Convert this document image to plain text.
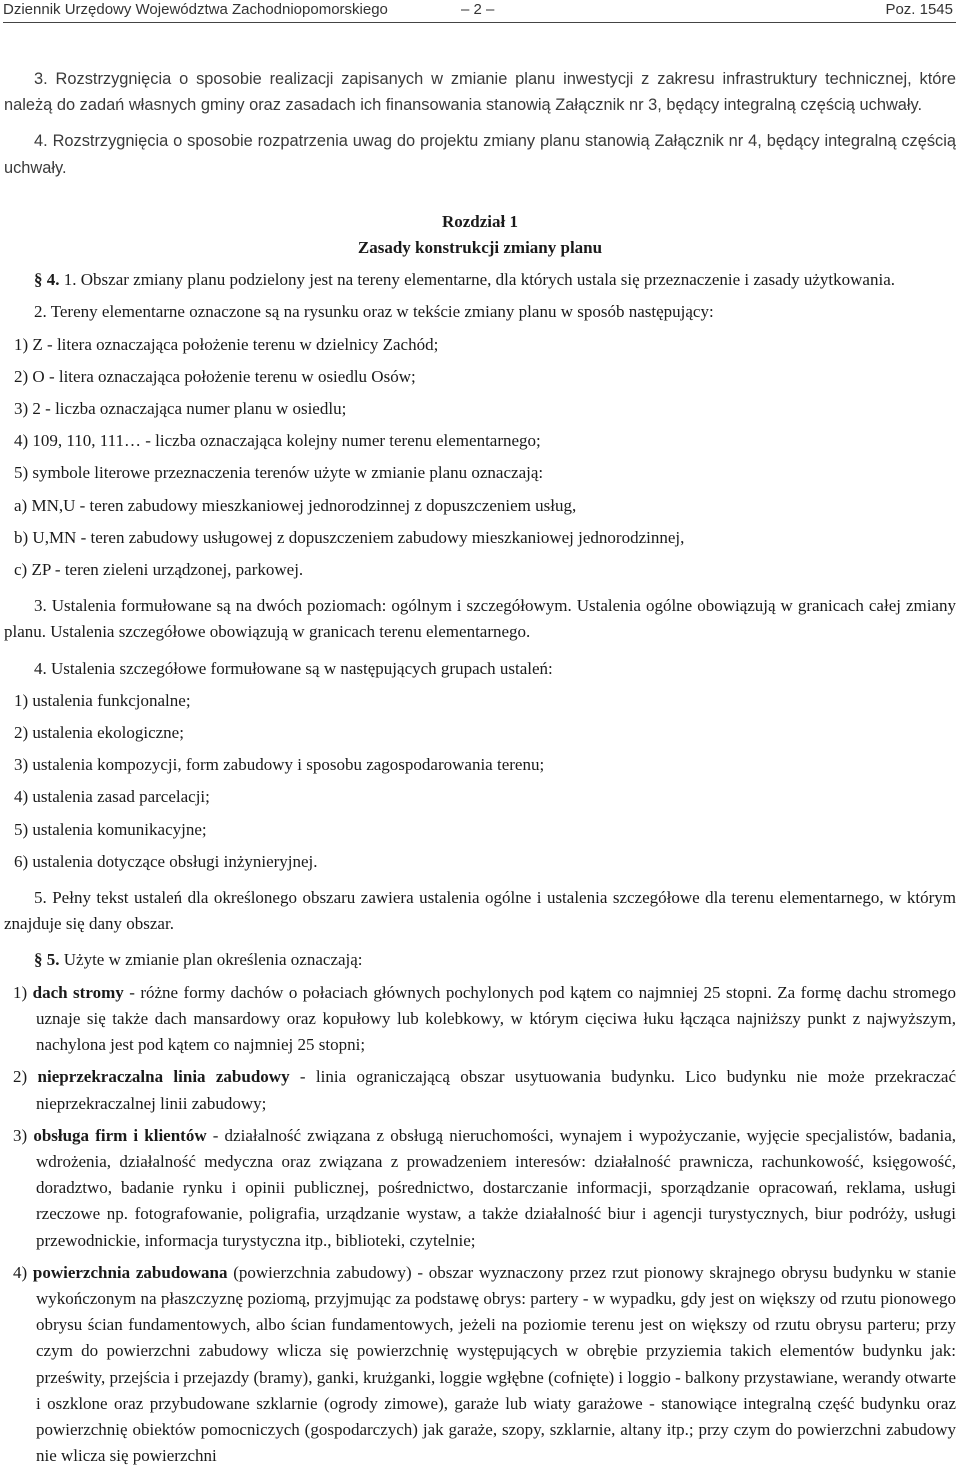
Dziennik Urzędowy Województwa Zachodniopomorskiego	– 2 –	Poz. 1545

3. Rozstrzygnięcia o sposobie realizacji zapisanych w zmianie planu inwestycji z zakresu infrastruktury technicznej, które należą do zadań własnych gminy oraz zasadach ich finansowania stanowią Załącznik nr 3, będący integralną częścią uchwały.

4. Rozstrzygnięcia o sposobie rozpatrzenia uwag do projektu zmiany planu stanowią Załącznik nr 4, będący integralną częścią uchwały.

Rozdział 1

Zasady konstrukcji zmiany planu

§ 4. 1. Obszar zmiany planu podzielony jest na tereny elementarne, dla których ustala się przeznaczenie i zasady użytkowania.

2. Tereny elementarne oznaczone są na rysunku oraz w tekście zmiany planu w sposób następujący:

1) Z - litera oznaczająca położenie terenu w dzielnicy Zachód;

2) O - litera oznaczająca położenie terenu w osiedlu Osów;

3) 2 - liczba oznaczająca numer planu w osiedlu;

4) 109, 110, 111… - liczba oznaczająca kolejny numer terenu elementarnego;

5) symbole literowe przeznaczenia terenów użyte w zmianie planu oznaczają:

a) MN,U - teren zabudowy mieszkaniowej jednorodzinnej z dopuszczeniem usług,

b) U,MN - teren zabudowy usługowej z dopuszczeniem zabudowy mieszkaniowej jednorodzinnej,

c) ZP - teren zieleni urządzonej, parkowej.

3. Ustalenia formułowane są na dwóch poziomach: ogólnym i szczegółowym. Ustalenia ogólne obowiązują w granicach całej zmiany planu. Ustalenia szczegółowe obowiązują w granicach terenu elementarnego.

4. Ustalenia szczegółowe formułowane są w następujących grupach ustaleń:

1) ustalenia funkcjonalne;

2) ustalenia ekologiczne;

3) ustalenia kompozycji, form zabudowy i sposobu zagospodarowania terenu;

4) ustalenia zasad parcelacji;

5) ustalenia komunikacyjne;

6) ustalenia dotyczące obsługi inżynieryjnej.

5. Pełny tekst ustaleń dla określonego obszaru zawiera ustalenia ogólne i ustalenia szczegółowe dla terenu elementarnego, w którym znajduje się dany obszar.

§ 5. Użyte w zmianie plan określenia oznaczają:

1) dach stromy - różne formy dachów o połaciach głównych pochylonych pod kątem co najmniej 25 stopni. Za formę dachu stromego uznaje się także dach mansardowy oraz kopułowy lub kolebkowy, w którym cięciwa łuku łącząca najniższy punkt z najwyższym, nachylona jest pod kątem co najmniej 25 stopni;

2) nieprzekraczalna linia zabudowy - linia ograniczającą obszar usytuowania budynku. Lico budynku nie może przekraczać nieprzekraczalnej linii zabudowy;

3) obsługa firm i klientów - działalność związana z obsługą nieruchomości, wynajem i wypożyczanie, wyjęcie specjalistów, badania, wdrożenia, działalność medyczna oraz związana z prowadzeniem interesów: działalność prawnicza, rachunkowość, księgowość, doradztwo, badanie rynku i opinii publicznej, pośrednictwo, dostarczanie informacji, sporządzanie opracowań, reklama, usługi rzeczowe np. fotografowanie, poligrafia, urządzanie wystaw, a także działalność biur i agencji turystycznych, biur podróży, usługi przewodnickie, informacja turystyczna itp., biblioteki, czytelnie;

4) powierzchnia zabudowana (powierzchnia zabudowy) - obszar wyznaczony przez rzut pionowy skrajnego obrysu budynku w stanie wykończonym na płaszczyznę poziomą, przyjmując za podstawę obrys: parterу - w wypadku, gdy jest on większy od rzutu pionowego obrysu ścian fundamentowych, albo ścian fundamentowych, jeżeli na poziomie terenu jest on większy od rzutu obrysu parteru; przy czym do powierzchni zabudowy wlicza się powierzchnię występujących w obrębie przyziemia takich elementów budynku jak: prześwity, przejścia i przejazdy (bramy), ganki, krużganki, loggie wgłębne (cofnięte) i loggio - balkony przystawiane, werandy otwarte i oszklone oraz przybudowane szklarnie (ogrody zimowe), garaże lub wiaty garażowe - stanowiące integralną część budynku oraz powierzchnię obiektów pomocniczych (gospodarczych) jak garaże, szopy, szklarnie, altany itp.; przy czym do powierzchni zabudowy nie wlicza się powierzchni
